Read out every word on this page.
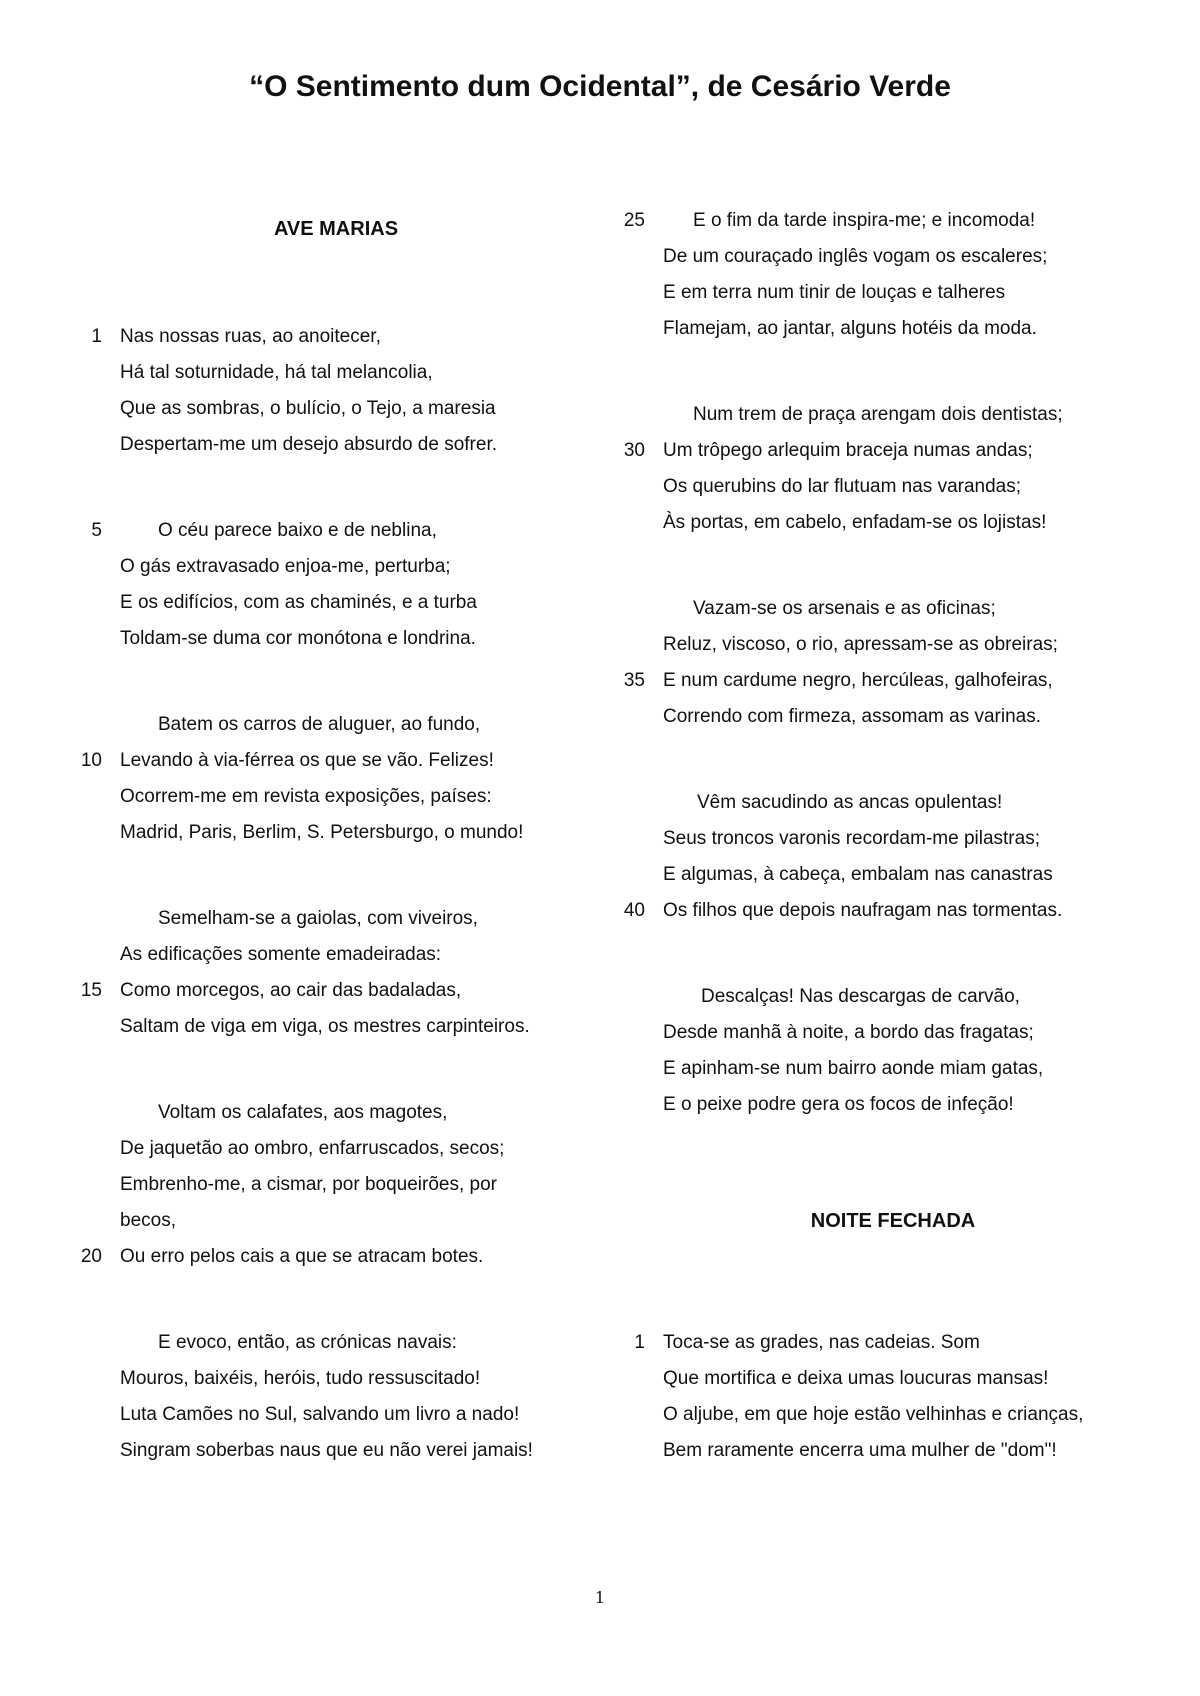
“O Sentimento dum Ocidental”, de Cesário Verde
AVE MARIAS
1 Nas nossas ruas, ao anoitecer,
Há tal soturnidade, há tal melancolia,
Que as sombras, o bulício, o Tejo, a maresia
Despertam-me um desejo absurdo de sofrer.
5	O céu parece baixo e de neblina,
O gás extravasado enjoa-me, perturba;
E os edifícios, com as chaminés, e a turba
Toldam-se duma cor monótona e londrina.
Batem os carros de aluguer, ao fundo,
10 Levando à via-férrea os que se vão. Felizes!
Ocorrem-me em revista exposições, países:
Madrid, Paris, Berlim, S. Petersburgo, o mundo!
Semelham-se a gaiolas, com viveiros,
As edificações somente emadeiradas:
15 Como morcegos, ao cair das badaladas,
Saltam de viga em viga, os mestres carpinteiros.
Voltam os calafates, aos magotes,
De jaquetão ao ombro, enfarruscados, secos;
Embrenho-me, a cismar, por boqueirões, por
becos,
20 Ou erro pelos cais a que se atracam botes.
E evoco, então, as crónicas navais:
Mouros, baixéis, heróis, tudo ressuscitado!
Luta Camões no Sul, salvando um livro a nado!
Singram soberbas naus que eu não verei jamais!
25	E o fim da tarde inspira-me; e incomoda!
De um couraçado inglês vogam os escaleres;
E em terra num tinir de louças e talheres
Flamejam, ao jantar, alguns hotéis da moda.
Num trem de praça arengam dois dentistas;
30 Um trôpego arlequim braceja numas andas;
Os querubins do lar flutuam nas varandas;
Às portas, em cabelo, enfadam-se os lojistas!
Vazam-se os arsenais e as oficinas;
Reluz, viscoso, o rio, apressam-se as obreiras;
35 E num cardume negro, hercúleas, galhofeiras,
Correndo com firmeza, assomam as varinas.
Vêm sacudindo as ancas opulentas!
Seus troncos varonis recordam-me pilastras;
E algumas, à cabeça, embalam nas canastras
40 Os filhos que depois naufragam nas tormentas.
Descalças! Nas descargas de carvão,
Desde manhã à noite, a bordo das fragatas;
E apinham-se num bairro aonde miam gatas,
E o peixe podre gera os focos de infeção!
NOITE FECHADA
1 Toca-se as grades, nas cadeias. Som
Que mortifica e deixa umas loucuras mansas!
O aljube, em que hoje estão velhinhas e crianças,
Bem raramente encerra uma mulher de "dom"!
1
